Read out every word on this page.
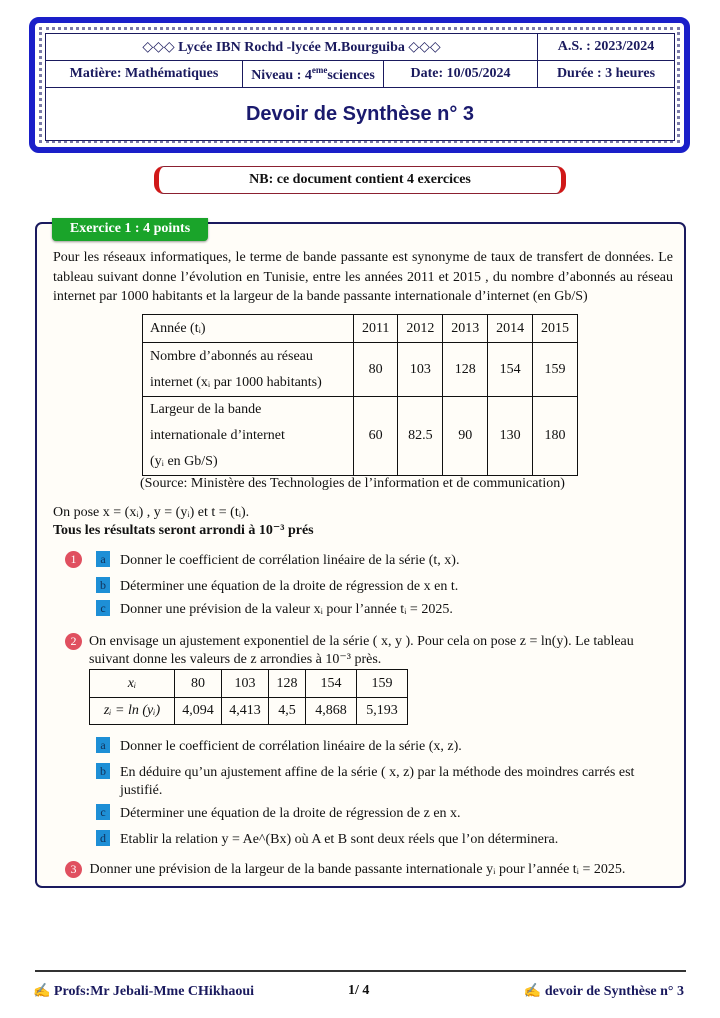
◇◇◇ Lycée IBN Rochd -lycée M.Bourguiba ◇◇◇			A.S. : 2023/2024
Matière: Mathématiques	Niveau : 4emesciences	Date: 10/05/2024	Durée : 3 heures
Devoir de Synthèse n° 3			
NB: ce document contient 4 exercices
Exercice 1 : 4 points
Pour les réseaux informatiques, le terme de bande passante est synonyme de taux de transfert de données. Le tableau suivant donne l’évolution en Tunisie, entre les années 2011 et 2015 , du nombre d’abonnés au réseau internet par 1000 habitants et la largeur de la bande passante internationale d’internet (en Gb/S)
Année (tᵢ)	2011	2012	2013	2014	2015
Nombre d’abonnés au réseau
internet (xᵢ par 1000 habitants)	80	103	128	154	159
Largeur de la bande
internationale d’internet
(yᵢ en Gb/S)	60	82.5	90	130	180
(Source: Ministère des Technologies de l’information et de communication)
On pose x = (xᵢ) , y = (yᵢ) et t = (tᵢ).
Tous les résultats seront arrondi à 10⁻³ prés
1	a Donner le coefficient de corrélation linéaire de la série (t, x).
b Déterminer une équation de la droite de régression de x en t.
c Donner une prévision de la valeur xᵢ pour l’année tᵢ = 2025.
2 On envisage un ajustement exponentiel de la série ( x, y ). Pour cela on pose z = ln(y). Le tableau
suivant donne les valeurs de z arrondies à 10⁻³ près.
xᵢ	80	103	128	154	159
zᵢ = ln (yᵢ)	4,094	4,413	4,5	4,868	5,193
a Donner le coefficient de corrélation linéaire de la série (x, z).
b En déduire qu’un ajustement affine de la série ( x, z) par la méthode des moindres carrés est
justifié.
c Déterminer une équation de la droite de régression de z en x.
d Etablir la relation y = Ae^(Bx) où A et B sont deux réels que l’on déterminera.
3 Donner une prévision de la largeur de la bande passante internationale yᵢ pour l’année tᵢ = 2025.
✍ Profs:Mr Jebali-Mme CHikhaoui	1/ 4	✍ devoir de Synthèse n° 3
